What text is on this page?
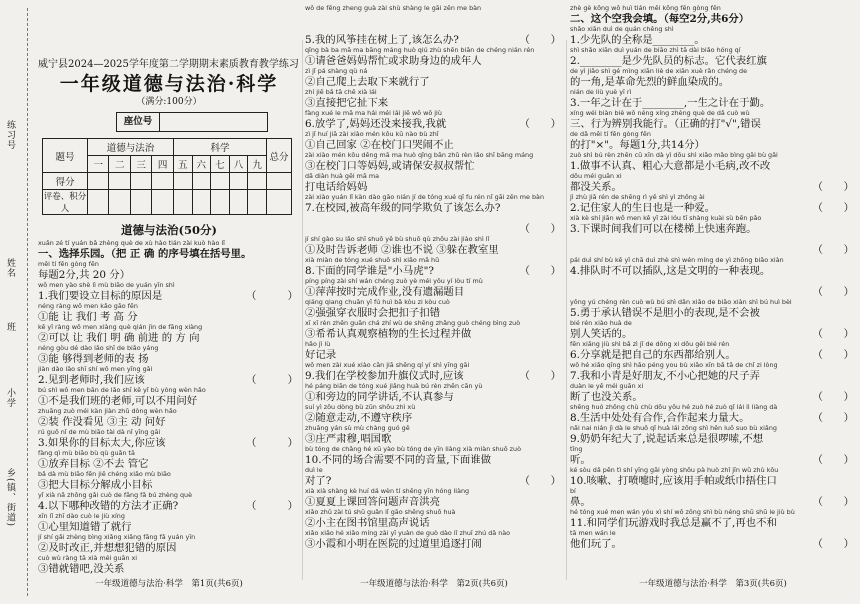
练习号
姓名
班
小学
乡(镇、街道)
威宁县2024—2025学年度第二学期期末素质教育教学练习
一年级道德与法治·科学
（满分:100分）
座位号
题号	道德与法治				科学					总分
	一	二	三	四	五	六	七	八	九	
得分										
评卷、积分人										
道德与法治(50分)
xuǎn zé tí yuán bǎ zhèng què de xù hào tián zài kuò hào lǐ
一、选择乐园。（把 正 确 的序号填在括号里。
měi tí fēn gòng fēn
每题2分,共 20 分）
wǒ men yào shè lì mù biāo de yuán yīn shì
1.我们要设立目标的原因是	（　　　）
néng ràng wǒ men kǎo gāo fēn
①能 让 我们 考 高 分
kě yǐ ràng wǒ men xiàng què qián jìn de fāng xiàng
②可以 让 我们 明 确 前进 的 方 向
néng gòu dé dào lǎo shī de biǎo yáng
③能 够得到老师的表 扬
jiàn dào lǎo shī shí wǒ men yīng gāi
2.见到老师时,我们应该	（　　　）
bú shì wǒ men bān de lǎo shī kě yǐ bù yòng wèn hǎo
①不是我们班的老师,可以不用问好
zhuāng zuò méi kàn jiàn zhǔ dòng wèn hǎo
②装 作没看见 ③主 动 问好
rú guǒ nǐ de mù biāo tài dà nǐ yīng gāi
3.如果你的目标太大,你应该	（　　　）
fàng qì mù biāo bù qù guǎn tā
①放弃目标 ②不去 管它
bǎ dà mù biāo fēn jiě chéng xiǎo mù biāo
③把大目标分解成小目标
yǐ xià nǎ zhǒng gǎi cuò de fāng fǎ bú zhèng què
4.以下哪种改错的方法才正确?	（　　　）
xīn lǐ zhī dào cuò le jiù xíng
①心里知道错了就行
jí shí gǎi zhèng bìng xiǎng xiǎng fāng fǎ yuán yīn
②及时改正,并想想犯错的原因
cuò wù ràng tā xià méi guān xi
③错就错吧,没关系
一年级道德与法治·科学　第1页(共6页)
wǒ de fēng zheng guà zài shù shàng le gāi zěn me bàn
5.我的风筝挂在树上了,该怎么办?	（　　）
qǐng bà ba mā ma bāng máng huò qiú zhù shēn biān de chéng nián rén
①请爸爸妈妈帮忙或求助身边的成年人
zì jǐ pá shàng qù ná
②自己爬上去取下来就行了
zhí jiē bǎ tā chě xià lái
③直接把它扯下来
fàng xué le mā ma hái méi lái jiē wǒ wǒ jiù
6.放学了,妈妈还没来接我,我就	（　　）
zì jǐ huí jiā zài xiào mén kǒu kū nào bù zhǐ
①自己回家 ②在校门口哭闹不止
zài xiào mén kǒu děng mā ma huò qǐng bān zhǔ rèn lǎo shī bāng máng
③在校门口等妈妈,或请保安叔叔帮忙
dǎ diàn huà gěi mā ma
打电话给妈妈
zài xiào yuán lǐ kàn dào gāo nián jí de tóng xué qī fu rén nǐ gāi zěn me bàn
7.在校园,被高年级的同学欺负了该怎么办?
（　　）
jí shí gào su lǎo shī shuō yě bù shuō qù zhōu zài jiào shì lǐ
①及时告诉老师 ②谁也不说 ③躲在教室里
xià miàn de tóng xué shuō shì xiǎo mǎ hǔ
8.下面的同学谁是"小马虎"?	（　　）
píng píng zài shí wán chéng zuò yè méi yǒu yí lòu tí mù
①萍萍按时完成作业,没有遗漏题目
qiáng qiang chuān yī fú huì bǎ kòu zi kòu cuò
②强强穿衣服时会把扣子扣错
xī xī rèn zhēn guān chá zhí wù de shēng zhǎng guò chéng bìng zuò
③希希认真观察植物的生长过程并做
hǎo jì lù
好记录
wǒ men zài xué xiào cān jiā shēng qí yí shì yīng gāi
9.我们在学校参加升旗仪式时,应该	（　　）
hé páng biān de tóng xué jiǎng huà bú rèn zhēn cān yù
①和旁边的同学讲话,不认真参与
suí yì zǒu dòng bù zūn shǒu zhì xù
②随意走动,不遵守秩序
zhuāng yán sù mù chàng guó gē
③庄严肃穆,唱国歌
bù tóng de chǎng hé xū yào bù tóng de yīn liàng xià miàn shuō zuò
10.不同的场合需要不同的音量,下面谁做
duì le
对了?	（　　）
xià xià shàng kè huí dá wèn tí shēng yīn hóng liàng
①夏夏上课回答问题声音洪亮
xiǎo zhǔ zài tú shū guǎn lǐ gāo shēng shuō huà
②小主在图书馆里高声说话
xiǎo xiǎo hé xiǎo míng zài yī yuàn de guò dào lǐ zhuī zhú dǎ nào
③小霞和小明在医院的过道里追逐打闹
一年级道德与法治·科学　第2页(共6页)
zhè gè kōng wǒ huì tián měi kōng fēn gòng fēn
二、这个空我会填。（每空2分,共6分）
shǎo xiān duì de quán chēng shì
1.少先队的全称是________。
shì shǎo xiān duì yuán de biāo zhì tā dài biǎo hóng qí
2.________是少先队员的标志。它代表红旗
de yì jiǎo shì gé mìng xiān liè de xiān xuè rǎn chéng de
的一角,是革命先烈的鲜血染成的。
nián de liù yuè yī rì
3.一年之计在于________,一生之计在于勤。
xíng wéi biàn biè wǒ néng xíng zhèng què de dǎ cuò wù
三、行为辨别我能行。（正确的打"√",错误
de dǎ měi tí fēn gòng fēn
的打"×"。每题1分,共14分）
zuò shì bú rèn zhēn cū xīn dà yì dōu shì xiǎo mǎo bìng gāi bù gǎi
1.做事不认真、粗心大意都是小毛病,改不改
dōu méi guān xi
都没关系。	（　　）
jì zhù jiā rén de shēng rì yě shì yì zhǒng ài
2.记住家人的生日也是一种爱。	（　　）
xià kè shí jiān wǒ men kě yǐ zài lóu tī shàng kuài sù bēn pǎo
3.下课时间我们可以在楼梯上快速奔跑。
（　　）
pái duì shí bù kě yǐ chā duì zhè shì wén míng de yì zhǒng biǎo xiàn
4.排队时不可以插队,这是文明的一种表现。
（　　）
yǒng yú chéng rèn cuò wù bú shì dǎn xiǎo de biǎo xiàn shì bú huì bèi
5.勇于承认错误不是胆小的表现,是不会被
bié rén xiào huà de
别人笑话的。	（　　）
fēn xiǎng jiù shì bǎ zì jǐ de dōng xi dōu gěi bié rén
6.分享就是把自己的东西都给别人。	（　　）
wǒ hé xiǎo qīng shì hǎo péng you bù xiǎo xīn bǎ tā de chǐ zi lòng
7.我和小青是好朋友,不小心把她的尺子弄
duàn le yě méi guān xi
断了也没关系。	（　　）
shēng huó zhōng chù chù dōu yǒu hé zuò hé zuò qǐ lái lì liàng dà
8.生活中处处有合作,合作起来力量大。	（　　）
nǎi nai nián jì dà le shuō qǐ huà lái zǒng shì hěn luō suo bù xiǎng
9.奶奶年纪大了,说起话来总是很啰嗦,不想
tīng
听。	（　　）
ké sòu dǎ pēn tì shí yīng gāi yòng shǒu pà huò zhǐ jīn wǔ zhù kǒu
10.咳嗽、打喷嚏时,应该用手帕或纸巾捂住口
bí
鼻。	（　　）
hé tóng xué men wán yóu xì shí wǒ zǒng shì bù néng shū shū le jiù bù
11.和同学们玩游戏时我总是赢不了,再也不和
tā men wán le
他们玩了。	（　　）
一年级道德与法治·科学　第3页(共6页)
